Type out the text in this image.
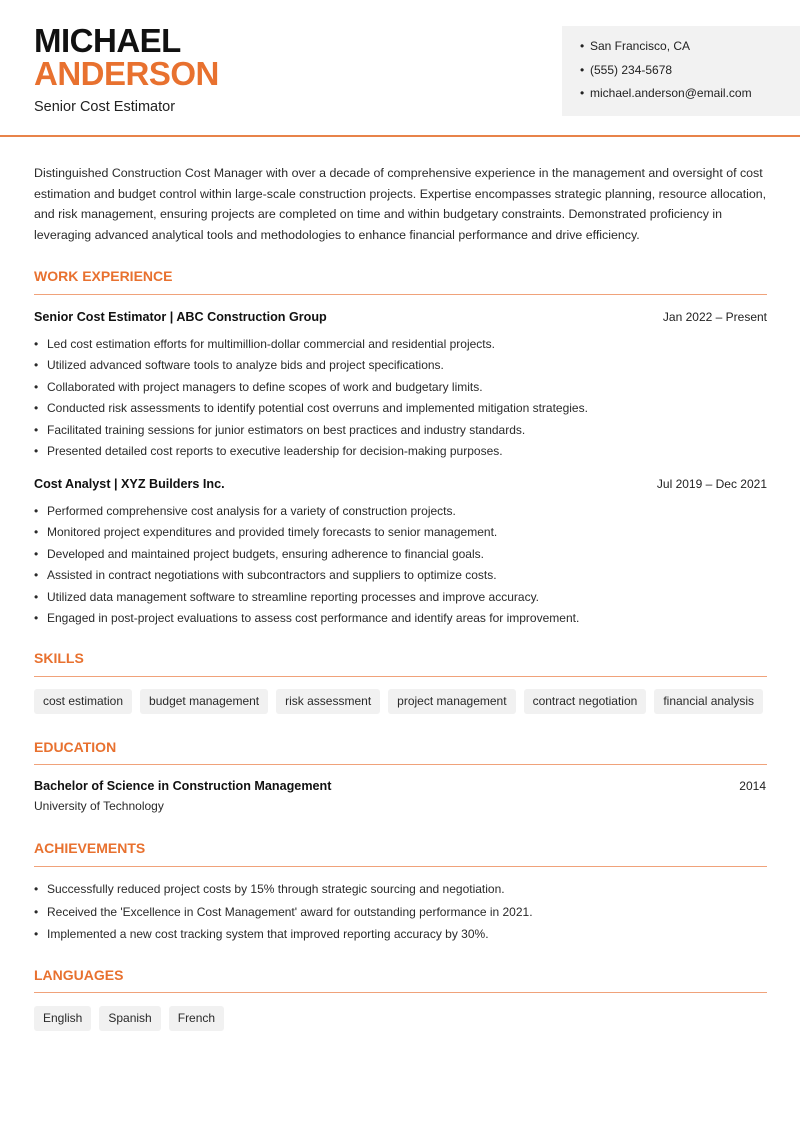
MICHAEL
ANDERSON
Senior Cost Estimator
• San Francisco, CA
• (555) 234-5678
• michael.anderson@email.com
Distinguished Construction Cost Manager with over a decade of comprehensive experience in the management and oversight of cost estimation and budget control within large-scale construction projects. Expertise encompasses strategic planning, resource allocation, and risk management, ensuring projects are completed on time and within budgetary constraints. Demonstrated proficiency in leveraging advanced analytical tools and methodologies to enhance financial performance and drive efficiency.
WORK EXPERIENCE
Senior Cost Estimator | ABC Construction Group	Jan 2022 – Present
• Led cost estimation efforts for multimillion-dollar commercial and residential projects.
• Utilized advanced software tools to analyze bids and project specifications.
• Collaborated with project managers to define scopes of work and budgetary limits.
• Conducted risk assessments to identify potential cost overruns and implemented mitigation strategies.
• Facilitated training sessions for junior estimators on best practices and industry standards.
• Presented detailed cost reports to executive leadership for decision-making purposes.
Cost Analyst | XYZ Builders Inc.	Jul 2019 – Dec 2021
• Performed comprehensive cost analysis for a variety of construction projects.
• Monitored project expenditures and provided timely forecasts to senior management.
• Developed and maintained project budgets, ensuring adherence to financial goals.
• Assisted in contract negotiations with subcontractors and suppliers to optimize costs.
• Utilized data management software to streamline reporting processes and improve accuracy.
• Engaged in post-project evaluations to assess cost performance and identify areas for improvement.
SKILLS
cost estimation	budget management	risk assessment	project management	contract negotiation	financial analysis
EDUCATION
Bachelor of Science in Construction Management	2014
University of Technology
ACHIEVEMENTS
• Successfully reduced project costs by 15% through strategic sourcing and negotiation.
• Received the 'Excellence in Cost Management' award for outstanding performance in 2021.
• Implemented a new cost tracking system that improved reporting accuracy by 30%.
LANGUAGES
English	Spanish	French
